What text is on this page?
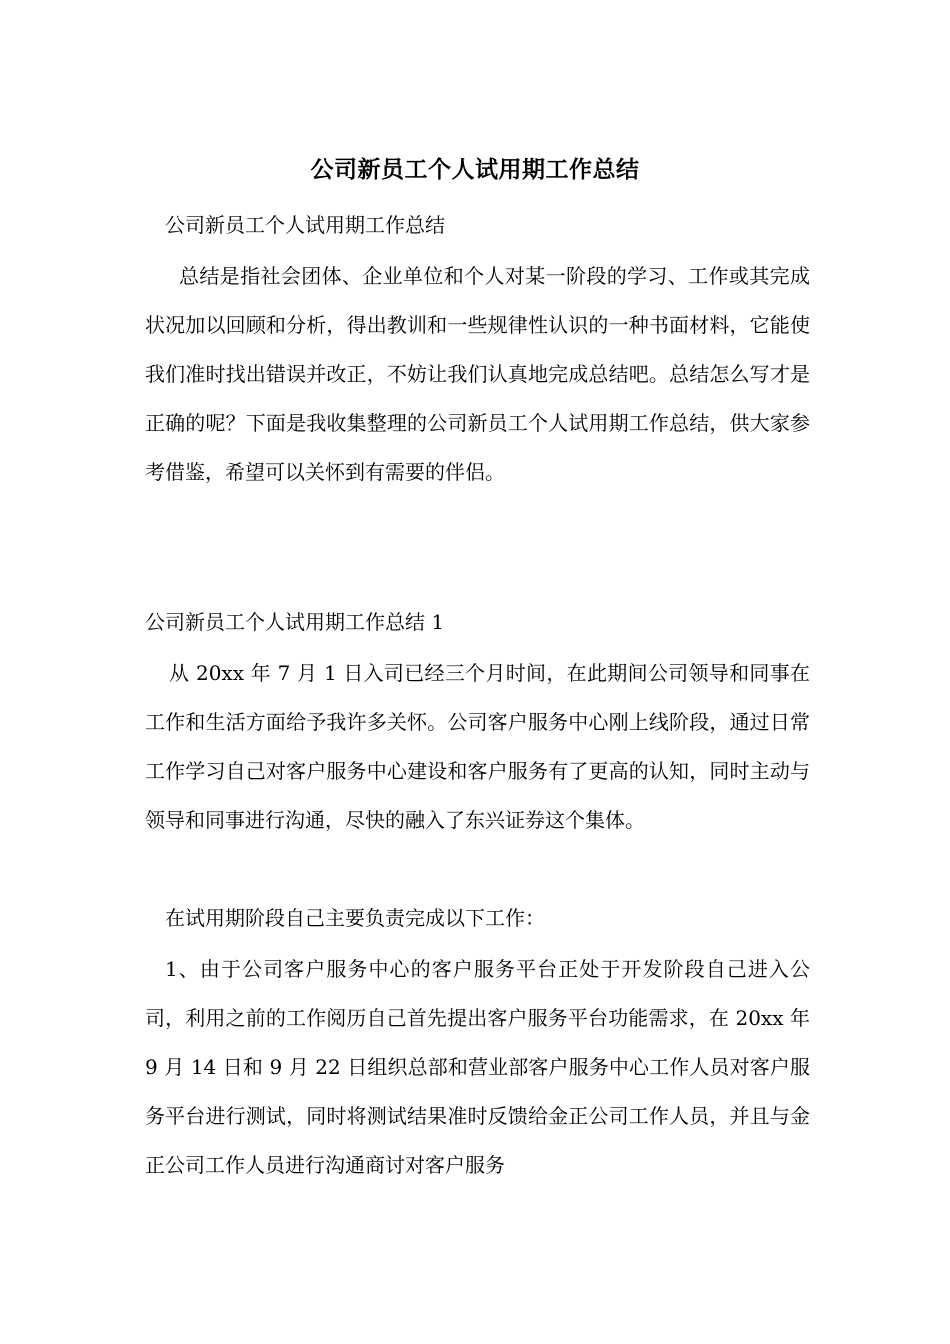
公司新员工个人试用期工作总结

公司新员工个人试用期工作总结

总结是指社会团体、企业单位和个人对某一阶段的学习、工作或其完成状况加以回顾和分析，得出教训和一些规律性认识的一种书面材料，它能使我们准时找出错误并改正，不妨让我们认真地完成总结吧。总结怎么写才是正确的呢？下面是我收集整理的公司新员工个人试用期工作总结，供大家参考借鉴，希望可以关怀到有需要的伴侣。

公司新员工个人试用期工作总结 1

从 20xx 年 7 月 1 日入司已经三个月时间，在此期间公司领导和同事在工作和生活方面给予我许多关怀。公司客户服务中心刚上线阶段，通过日常工作学习自己对客户服务中心建设和客户服务有了更高的认知，同时主动与领导和同事进行沟通，尽快的融入了东兴证券这个集体。

在试用期阶段自己主要负责完成以下工作：

1、由于公司客户服务中心的客户服务平台正处于开发阶段自己进入公司，利用之前的工作阅历自己首先提出客户服务平台功能需求，在 20xx 年 9 月 14 日和 9 月 22 日组织总部和营业部客户服务中心工作人员对客户服务平台进行测试，同时将测试结果准时反馈给金正公司工作人员，并且与金正公司工作人员进行沟通商讨对客户服务
